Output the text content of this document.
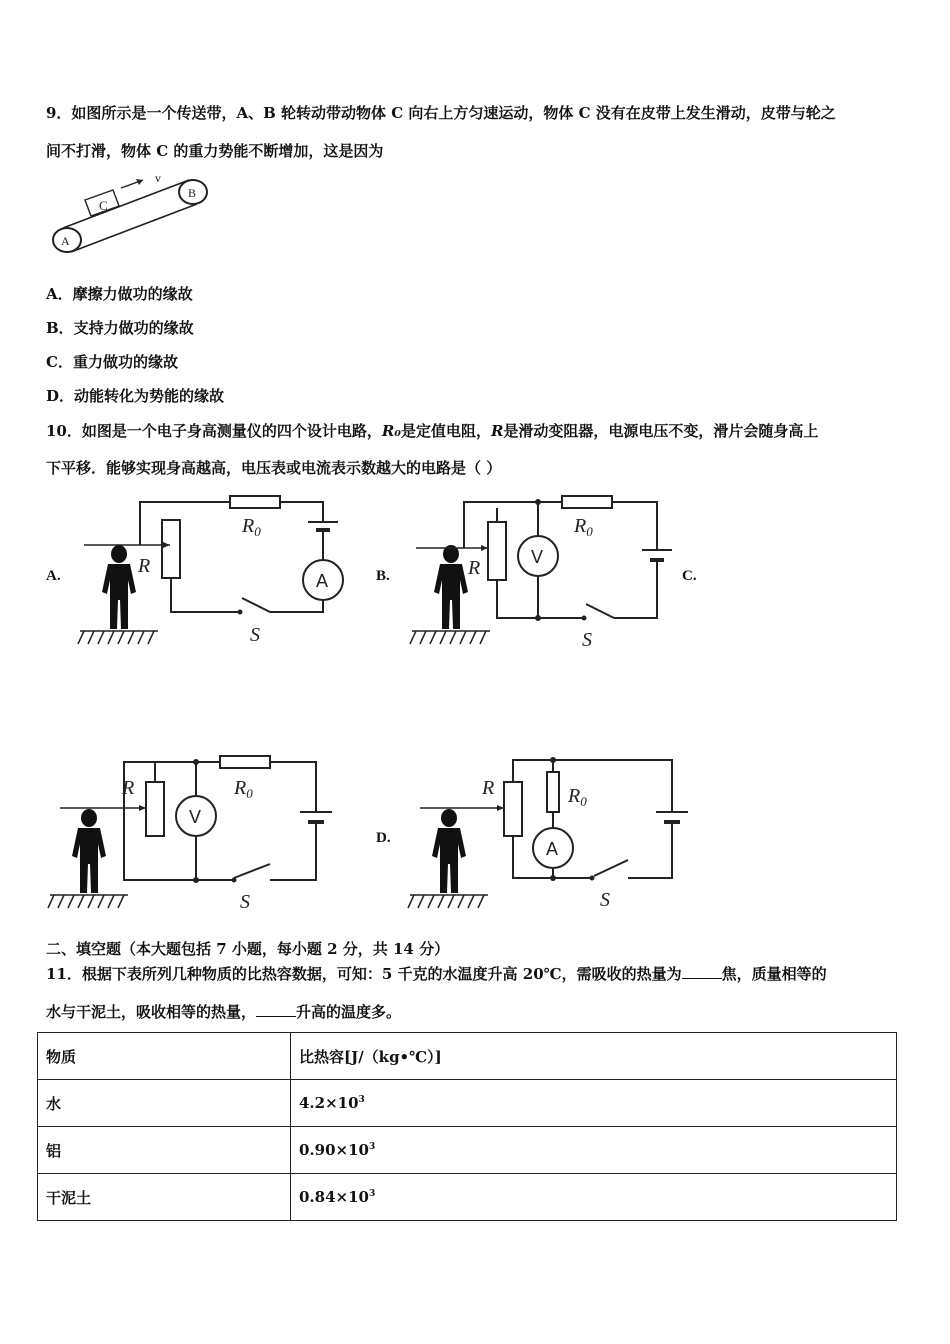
9．如图所示是一个传送带，A、B 轮转动带动物体 C 向右上方匀速运动，物体 C 没有在皮带上发生滑动，皮带与轮之
间不打滑，物体 C 的重力势能不断增加，这是因为
C
v
A
B
A．摩擦力做功的缘故
B．支持力做功的缘故
C．重力做功的缘故
D．动能转化为势能的缘故
10．如图是一个电子身高测量仪的四个设计电路，R₀是定值电阻，R是滑动变阻器，电源电压不变，滑片会随身高上
下平移．能够实现身高越高，电压表或电流表示数越大的电路是（ ）
A.	B.	C.
D.
R
$R_0$
A
S
R
$R_0$
V
S
R	$R_0$
V
S
R	$R_0$
A
S
二、填空题（本大题包括 7 小题，每小题 2 分，共 14 分）
11．根据下表所列几种物质的比热容数据，可知：5 千克的水温度升高 20℃，需吸收的热量为	焦，质量相等的
水与干泥土，吸收相等的热量，	升高的温度多。
物质	比热容[J/（kg•℃）]
水	$4.2\times 10^3$
铝	$0.90\times 10^3$
干泥土	$0.84\times 10^3$
